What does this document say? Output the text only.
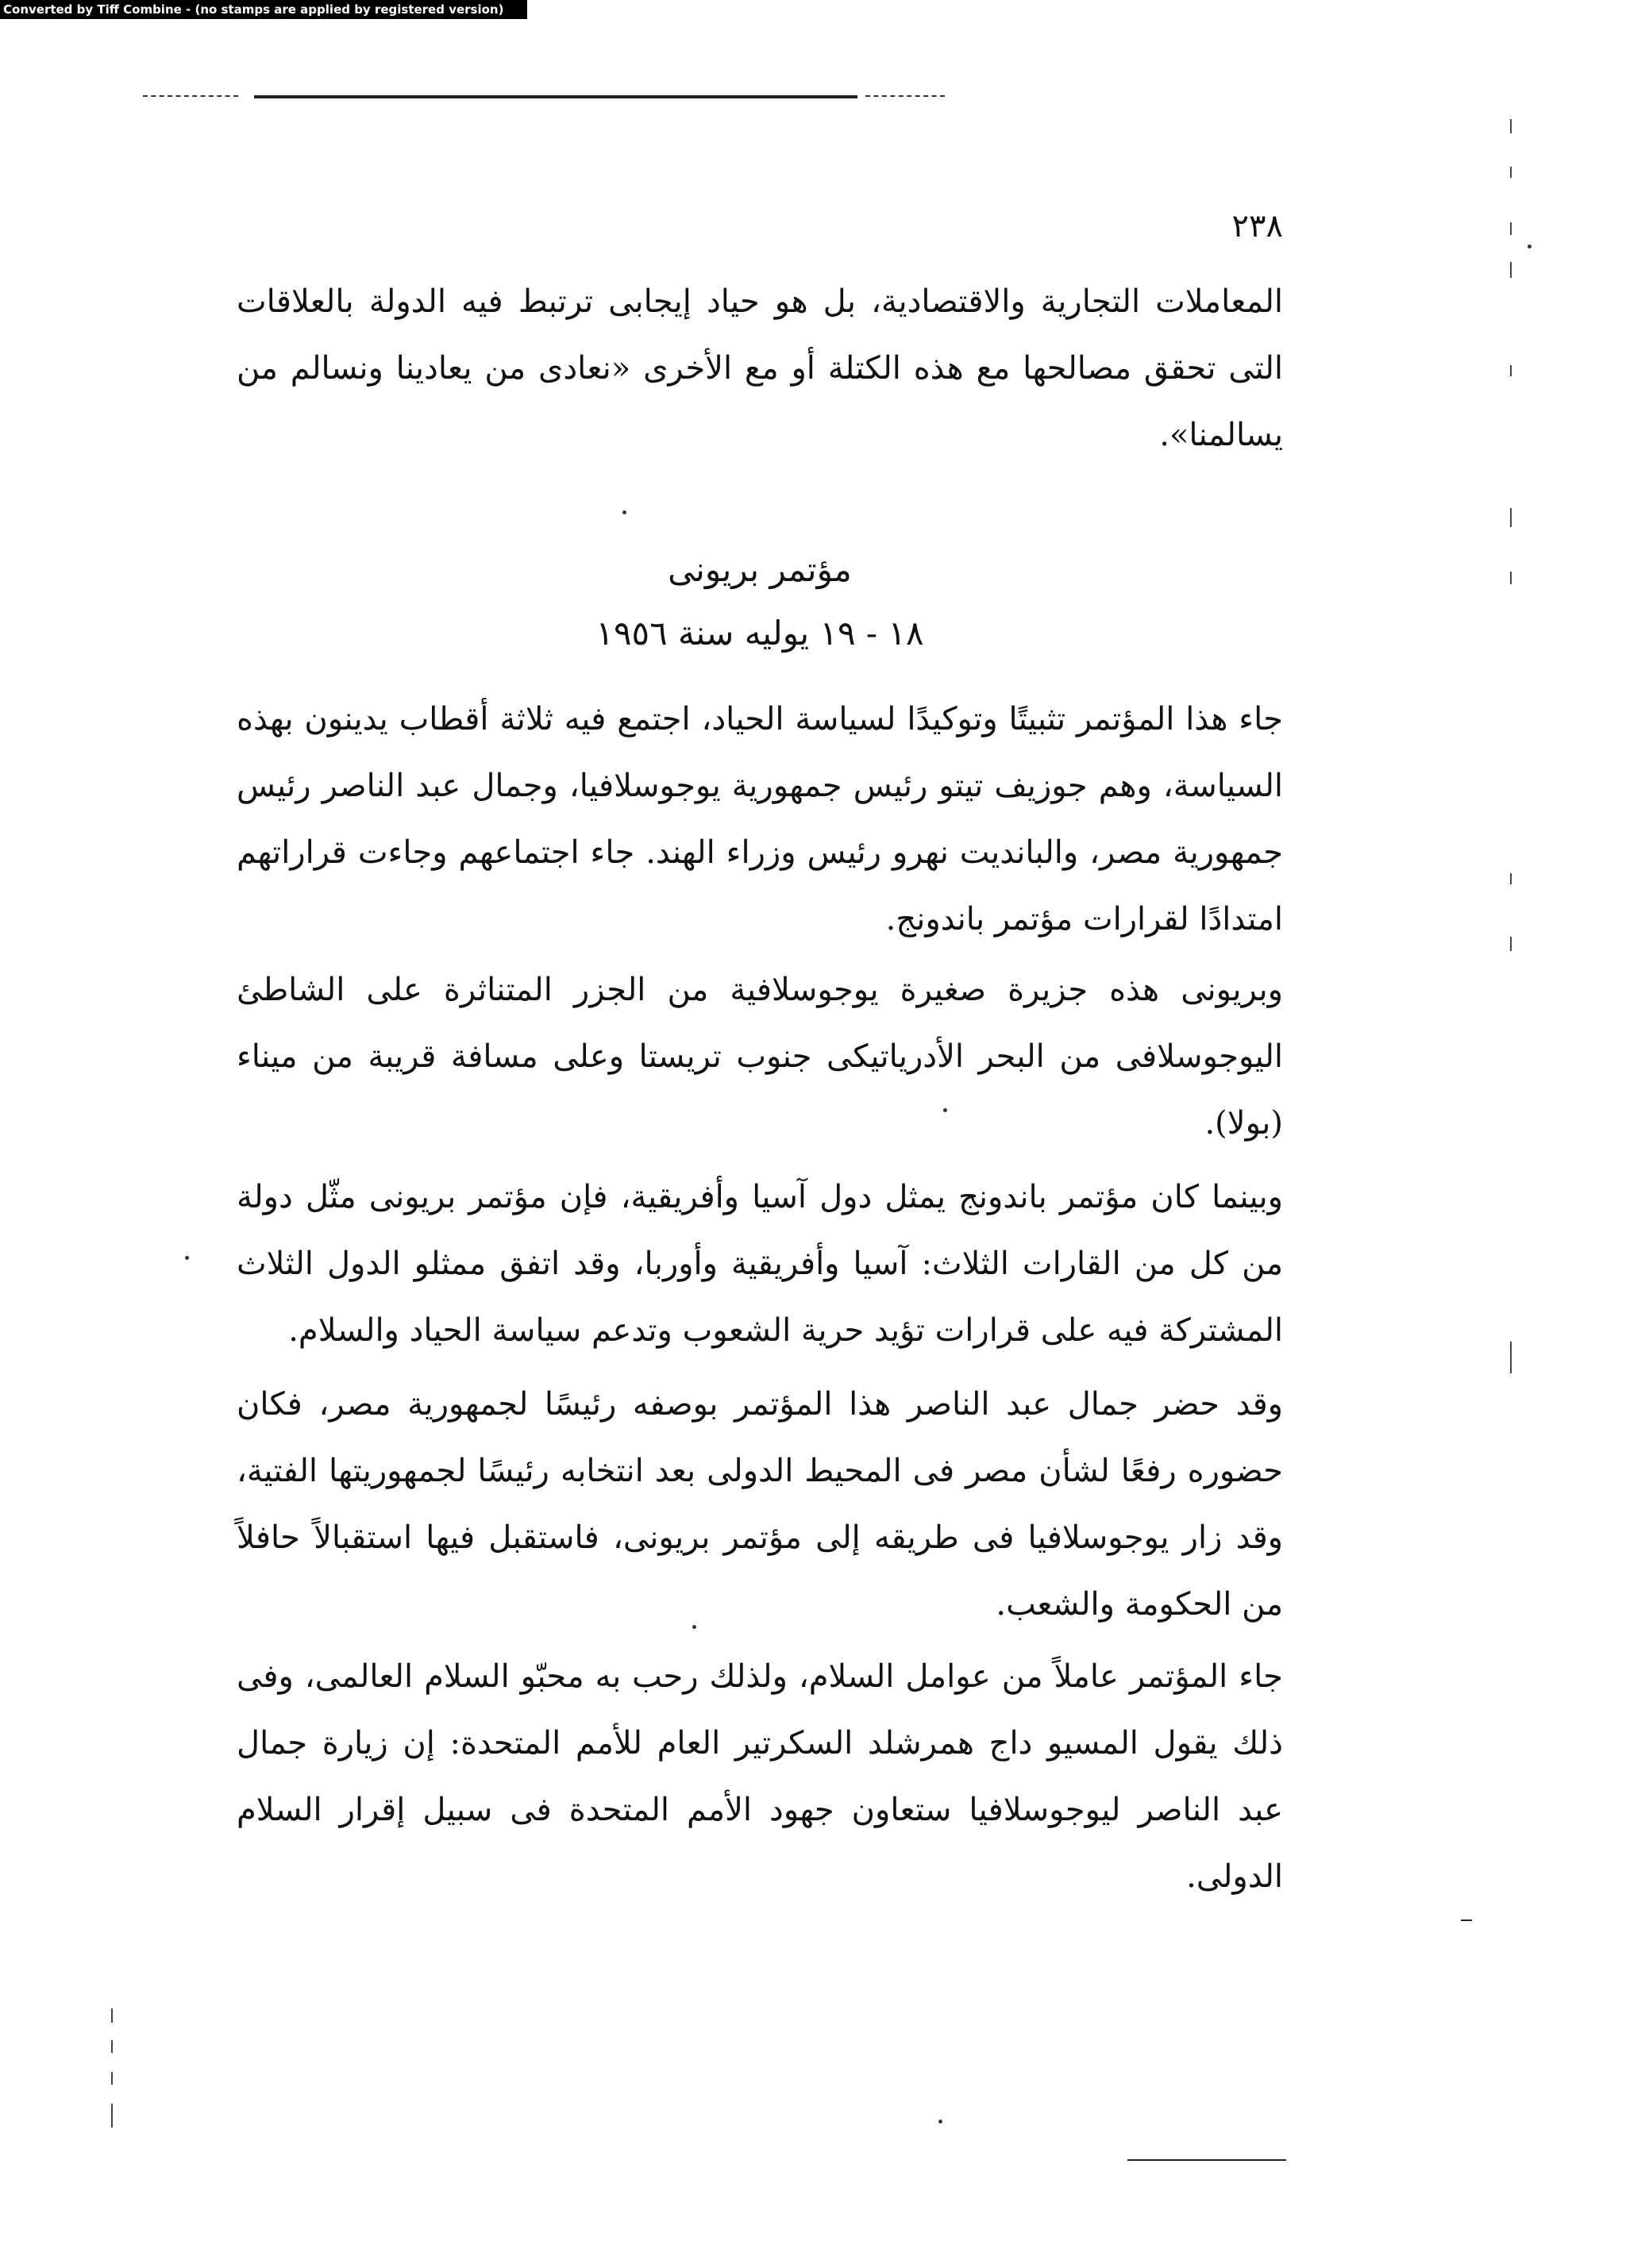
Converted by Tiff Combine - (no stamps are applied by registered version)
٢٣٨

المعاملات التجارية والاقتصادية، بل هو حياد إيجابى ترتبط فيه الدولة بالعلاقات التى تحقق مصالحها مع هذه الكتلة أو مع الأخرى «نعادى من يعادينا ونسالم من يسالمنا».

مؤتمر بريونى
١٨ - ١٩ يوليه سنة ١٩٥٦

جاء هذا المؤتمر تثبيتًا وتوكيدًا لسياسة الحياد، اجتمع فيه ثلاثة أقطاب يدينون بهذه السياسة، وهم جوزيف تيتو رئيس جمهورية يوجوسلافيا، وجمال عبد الناصر رئيس جمهورية مصر، والبانديت نهرو رئيس وزراء الهند. جاء اجتماعهم وجاءت قراراتهم امتدادًا لقرارات مؤتمر باندونج.

وبريونى هذه جزيرة صغيرة يوجوسلافية من الجزر المتناثرة على الشاطئ اليوجوسلافى من البحر الأدرياتيكى جنوب تريستا وعلى مسافة قريبة من ميناء (بولا).

وبينما كان مؤتمر باندونج يمثل دول آسيا وأفريقية، فإن مؤتمر بريونى مثّل دولة من كل من القارات الثلاث: آسيا وأفريقية وأوربا، وقد اتفق ممثلو الدول الثلاث المشتركة فيه على قرارات تؤيد حرية الشعوب وتدعم سياسة الحياد والسلام.

وقد حضر جمال عبد الناصر هذا المؤتمر بوصفه رئيسًا لجمهورية مصر، فكان حضوره رفعًا لشأن مصر فى المحيط الدولى بعد انتخابه رئيسًا لجمهوريتها الفتية، وقد زار يوجوسلافيا فى طريقه إلى مؤتمر بريونى، فاستقبل فيها استقبالاً حافلاً من الحكومة والشعب.

جاء المؤتمر عاملاً من عوامل السلام، ولذلك رحب به محبّو السلام العالمى، وفى ذلك يقول المسيو داج همرشلد السكرتير العام للأمم المتحدة: إن زيارة جمال عبد الناصر ليوجوسلافيا ستعاون جهود الأمم المتحدة فى سبيل إقرار السلام الدولى.
